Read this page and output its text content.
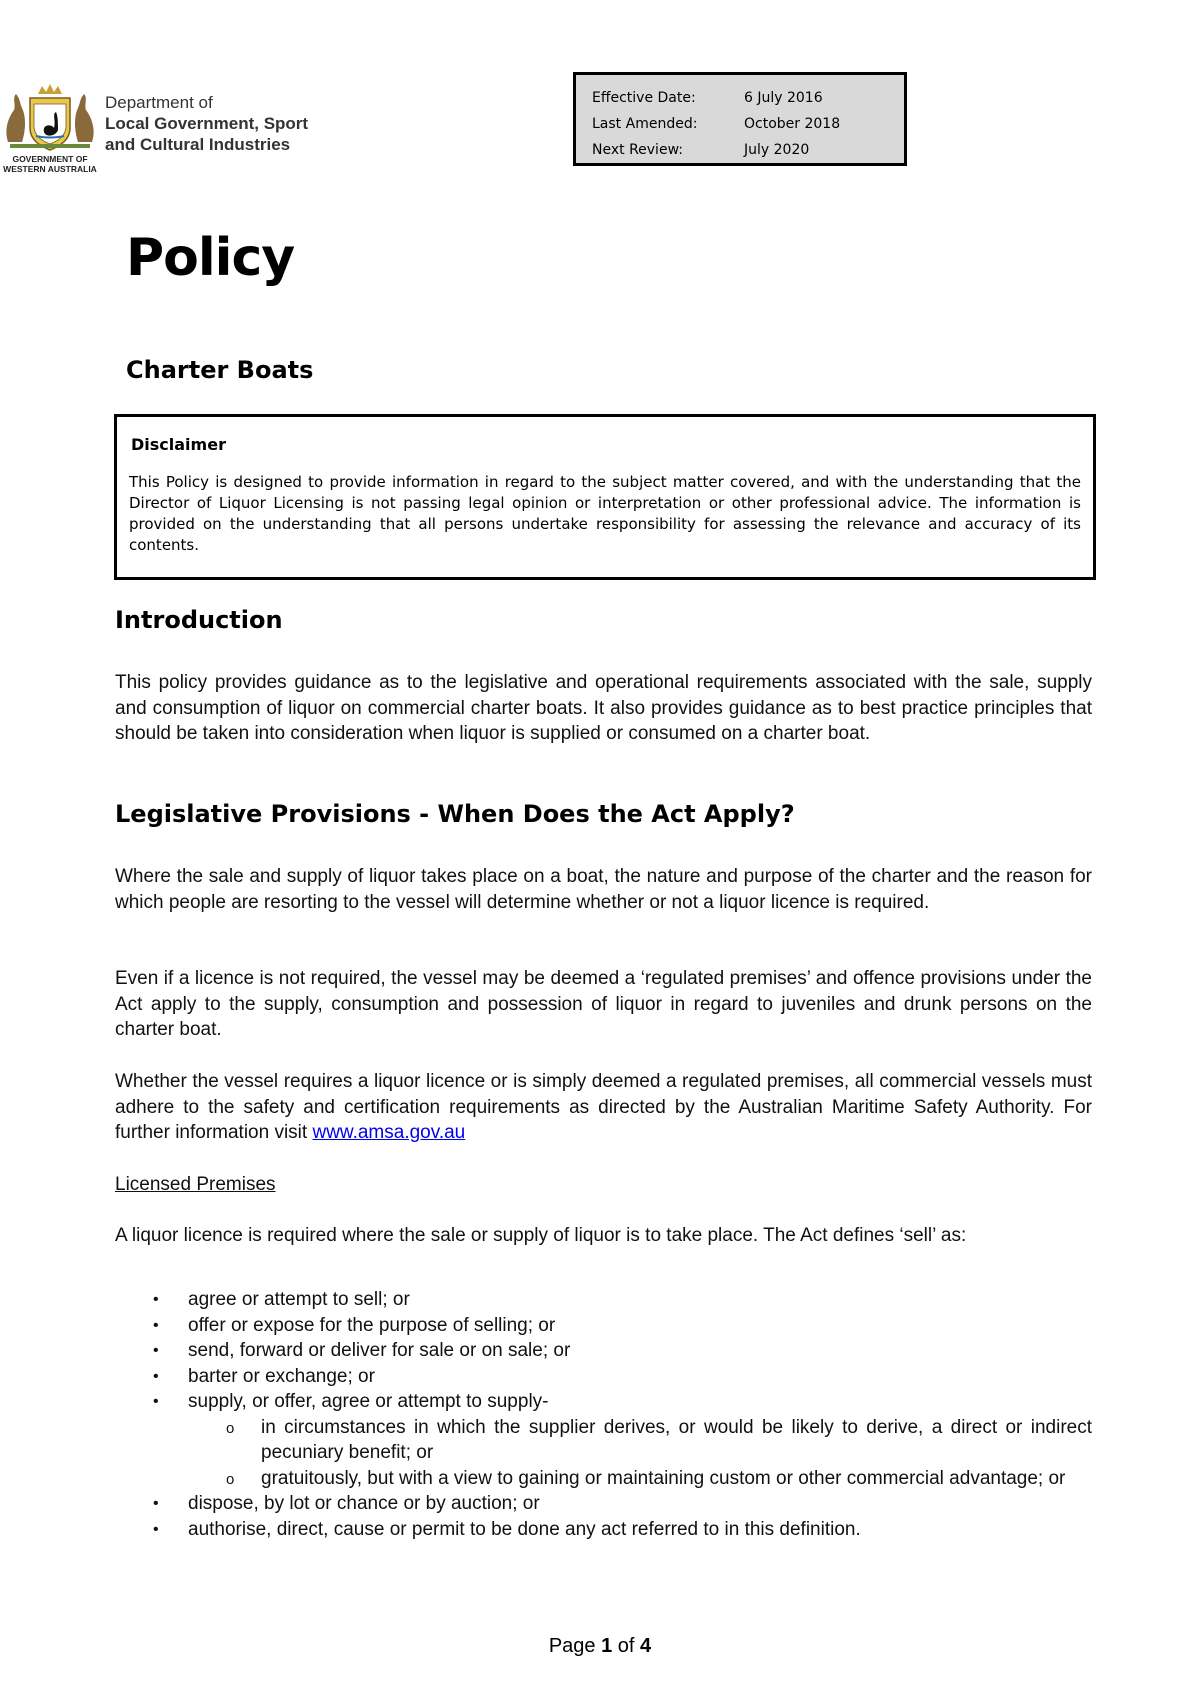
GOVERNMENT OF
WESTERN AUSTRALIA
Department of
Local Government, Sport
and Cultural Industries
Effective Date:	6 July 2016
Last Amended:	October 2018
Next Review:	July 2020
Policy
Charter Boats
Disclaimer
This Policy is designed to provide information in regard to the subject matter covered, and with the understanding that the Director of Liquor Licensing is not passing legal opinion or interpretation or other professional advice. The information is provided on the understanding that all persons undertake responsibility for assessing the relevance and accuracy of its contents.
Introduction
This policy provides guidance as to the legislative and operational requirements associated with the sale, supply and consumption of liquor on commercial charter boats. It also provides guidance as to best practice principles that should be taken into consideration when liquor is supplied or consumed on a charter boat.
Legislative Provisions - When Does the Act Apply?
Where the sale and supply of liquor takes place on a boat, the nature and purpose of the charter and the reason for which people are resorting to the vessel will determine whether or not a liquor licence is required.
Even if a licence is not required, the vessel may be deemed a ‘regulated premises’ and offence provisions under the Act apply to the supply, consumption and possession of liquor in regard to juveniles and drunk persons on the charter boat.
Whether the vessel requires a liquor licence or is simply deemed a regulated premises, all commercial vessels must adhere to the safety and certification requirements as directed by the Australian Maritime Safety Authority. For further information visit www.amsa.gov.au
Licensed Premises
A liquor licence is required where the sale or supply of liquor is to take place. The Act defines ‘sell’ as:
• agree or attempt to sell; or
• offer or expose for the purpose of selling; or
• send, forward or deliver for sale or on sale; or
• barter or exchange; or
• supply, or offer, agree or attempt to supply-
o in circumstances in which the supplier derives, or would be likely to derive, a direct or indirect pecuniary benefit; or
o gratuitously, but with a view to gaining or maintaining custom or other commercial advantage; or
• dispose, by lot or chance or by auction; or
• authorise, direct, cause or permit to be done any act referred to in this definition.
Page 1 of 4
